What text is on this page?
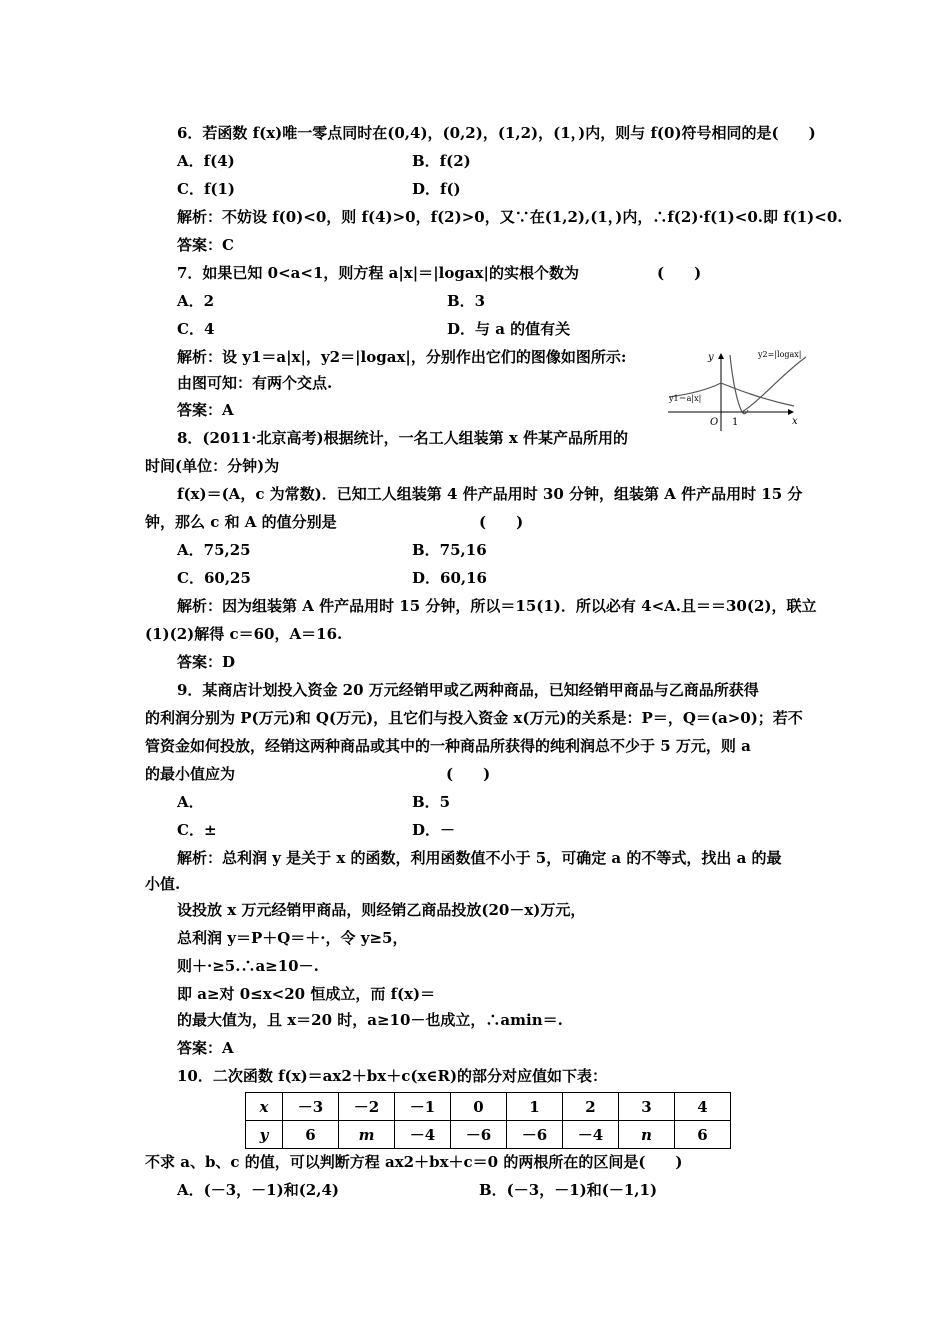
6．若函数 f(x)唯一零点同时在(0,4)，(0,2)，(1,2)，(1，)内，则与 f(0)符号相同的是(　　)
A．f(4)	B．f(2)
C．f(1)	D．f()
解析：不妨设 f(0)<0，则 f(4)>0，f(2)>0，又∵在(1,2),(1，)内，∴f(2)·f(1)<0.即 f(1)<0.
答案：C
7．如果已知 0<a<1，则方程 a|x|＝|logax|的实根个数为	(　　)
A．2	B．3
C．4	D．与 a 的值有关
解析：设 y1＝a|x|，y2＝|logax|，分别作出它们的图像如图所示:
由图可知：有两个交点.
答案：A
y
x
O 1
y1＝a|x|
y2=|logax|
8．(2011·北京高考)根据统计，一名工人组装第 x 件某产品所用的
时间(单位：分钟)为
f(x)＝(A，c 为常数)．已知工人组装第 4 件产品用时 30 分钟，组装第 A 件产品用时 15 分
钟，那么 c 和 A 的值分别是	(　　)
A．75,25	B．75,16
C．60,25	D．60,16
解析：因为组装第 A 件产品用时 15 分钟，所以＝15(1)．所以必有 4<A.且＝＝30(2)，联立
(1)(2)解得 c＝60，A＝16.
答案：D
9．某商店计划投入资金 20 万元经销甲或乙两种商品，已知经销甲商品与乙商品所获得
的利润分别为 P(万元)和 Q(万元)，且它们与投入资金 x(万元)的关系是：P＝，Q＝(a>0)；若不
管资金如何投放，经销这两种商品或其中的一种商品所获得的纯利润总不少于 5 万元，则 a
的最小值应为	(　　)
A．	B．5
C．±	D．－
解析：总利润 y 是关于 x 的函数，利用函数值不小于 5，可确定 a 的不等式，找出 a 的最
小值.
设投放 x 万元经销甲商品，则经销乙商品投放(20－x)万元，
总利润 y＝P＋Q＝＋·，令 y≥5，
则＋·≥5.∴a≥10－.
即 a≥对 0≤x<20 恒成立，而 f(x)＝
的最大值为，且 x＝20 时，a≥10－也成立，∴amin＝.
答案：A
10．二次函数 f(x)＝ax2＋bx＋c(x∈R)的部分对应值如下表：
x	－3	－2	－1	0	1	2	3	4
y	6	m	－4	－6	－6	－4	n	6
不求 a、b、c 的值，可以判断方程 ax2＋bx＋c＝0 的两根所在的区间是(　　)
A．(－3，－1)和(2,4)	B．(－3，－1)和(－1,1)
